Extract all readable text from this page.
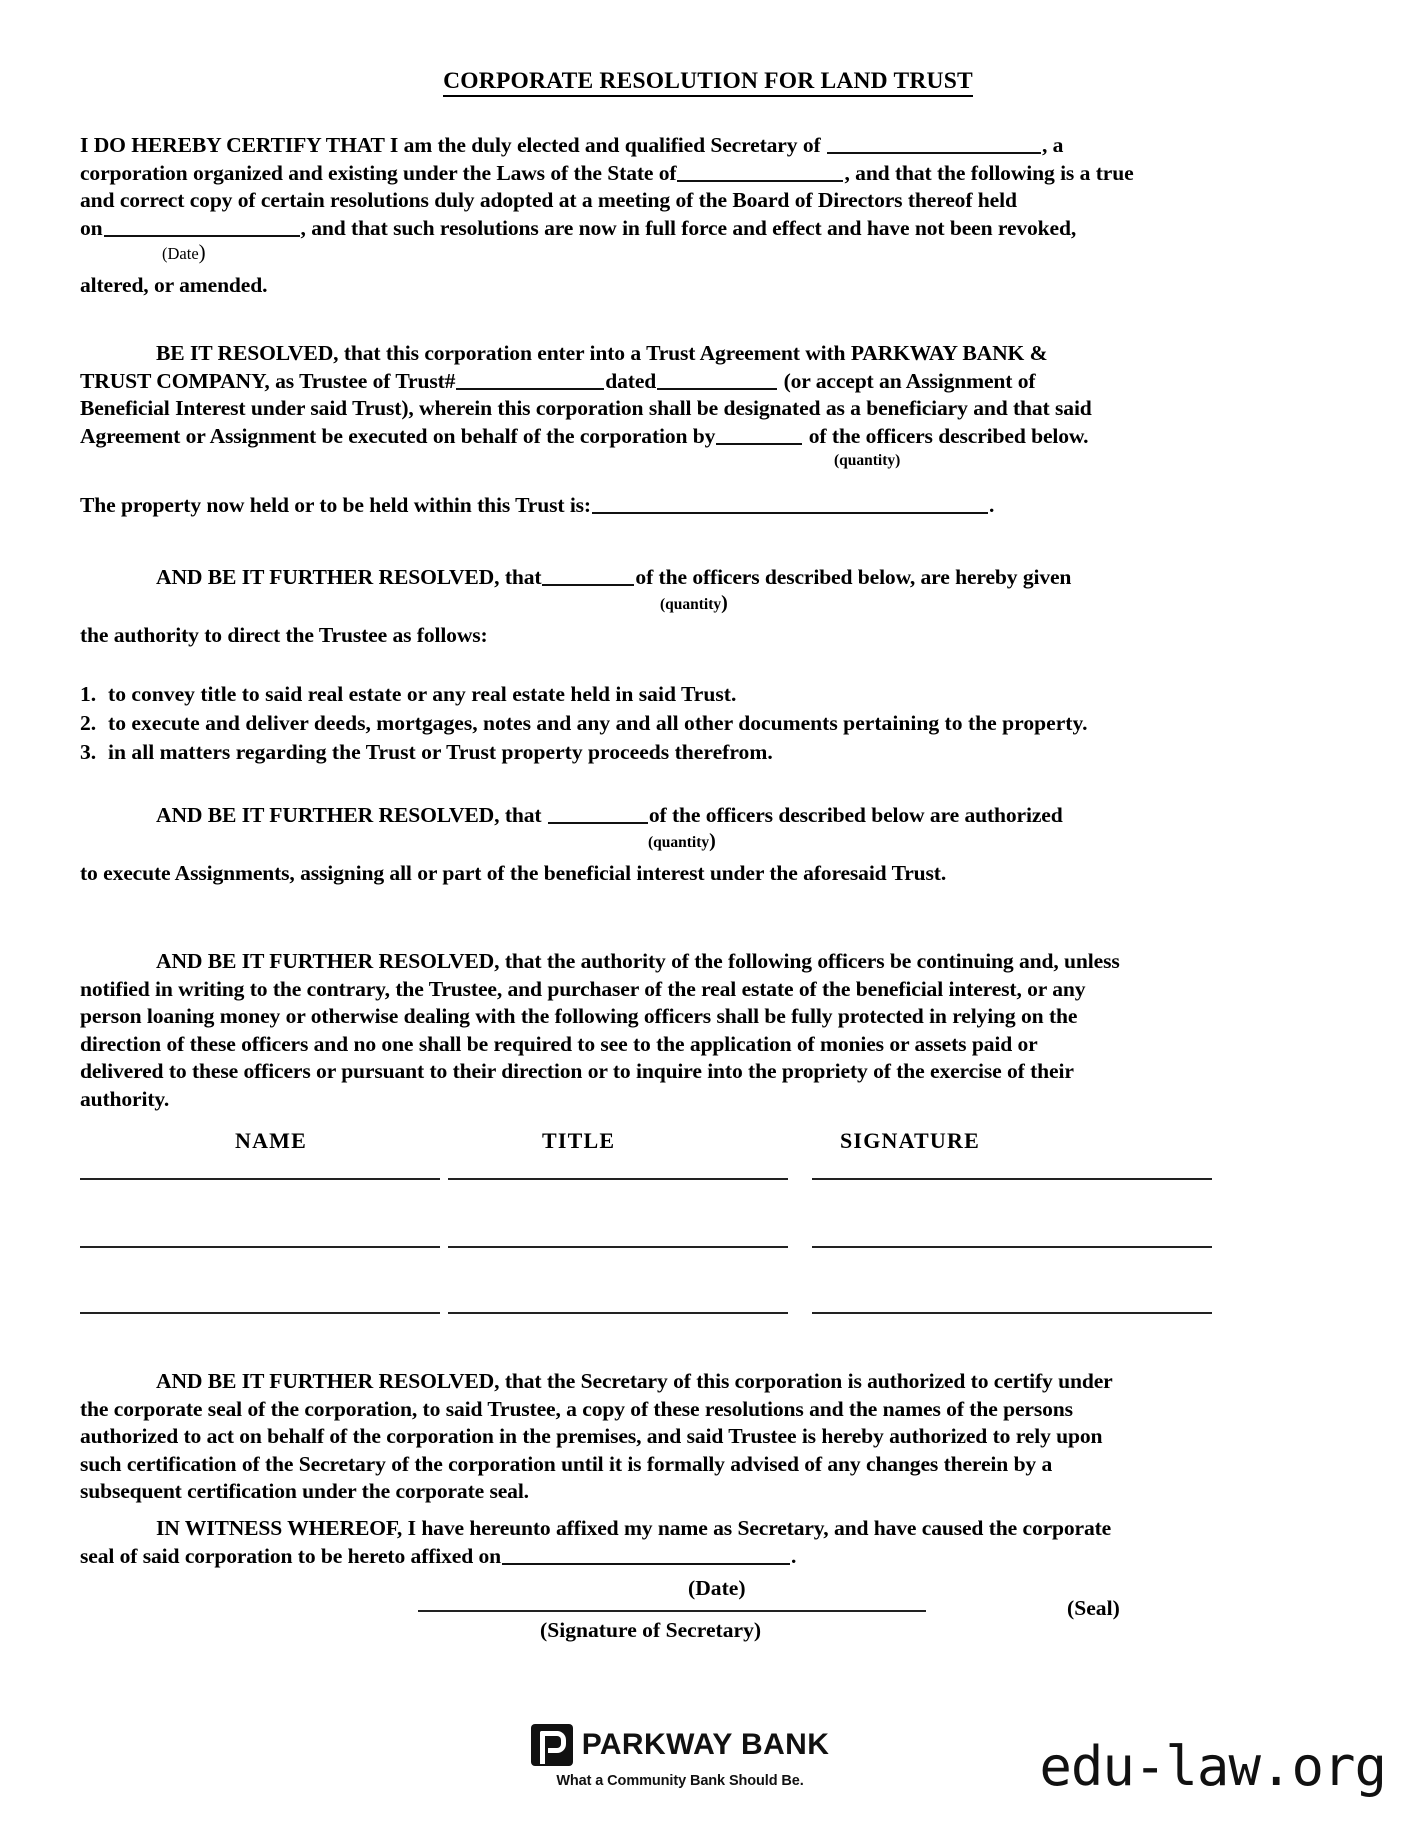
CORPORATE RESOLUTION FOR LAND TRUST
I DO HEREBY CERTIFY THAT I am the duly elected and qualified Secretary of	, a
corporation organized and existing under the Laws of the State of	, and that the following is a true
and correct copy of certain resolutions duly adopted at a meeting of the Board of Directors thereof held
on	, and that such resolutions are now in full force and effect and have not been revoked,
(Date)
altered, or amended.
BE IT RESOLVED, that this corporation enter into a Trust Agreement with PARKWAY BANK &
TRUST COMPANY, as Trustee of Trust#	dated	(or accept an Assignment of
Beneficial Interest under said Trust), wherein this corporation shall be designated as a beneficiary and that said
Agreement or Assignment be executed on behalf of the corporation by	of the officers described below.
(quantity)
The property now held or to be held within this Trust is:	.
AND BE IT FURTHER RESOLVED, that	of the officers described below, are hereby given
(quantity)
the authority to direct the Trustee as follows:
1. to convey title to said real estate or any real estate held in said Trust.
2. to execute and deliver deeds, mortgages, notes and any and all other documents pertaining to the property.
3. in all matters regarding the Trust or Trust property proceeds therefrom.
AND BE IT FURTHER RESOLVED, that	of the officers described below are authorized
(quantity)
to execute Assignments, assigning all or part of the beneficial interest under the aforesaid Trust.
AND BE IT FURTHER RESOLVED, that the authority of the following officers be continuing and, unless
notified in writing to the contrary, the Trustee, and purchaser of the real estate of the beneficial interest, or any
person loaning money or otherwise dealing with the following officers shall be fully protected in relying on the
direction of these officers and no one shall be required to see to the application of monies or assets paid or
delivered to these officers or pursuant to their direction or to inquire into the propriety of the exercise of their
authority.
NAME	TITLE	SIGNATURE
AND BE IT FURTHER RESOLVED, that the Secretary of this corporation is authorized to certify under
the corporate seal of the corporation, to said Trustee, a copy of these resolutions and the names of the persons
authorized to act on behalf of the corporation in the premises, and said Trustee is hereby authorized to rely upon
such certification of the Secretary of the corporation until it is formally advised of any changes therein by a
subsequent certification under the corporate seal.
IN WITNESS WHEREOF, I have hereunto affixed my name as Secretary, and have caused the corporate
seal of said corporation to be hereto affixed on	.
(Date)
(Signature of Secretary)
(Seal)
PARKWAY BANK
What a Community Bank Should Be.	edu-law.org
